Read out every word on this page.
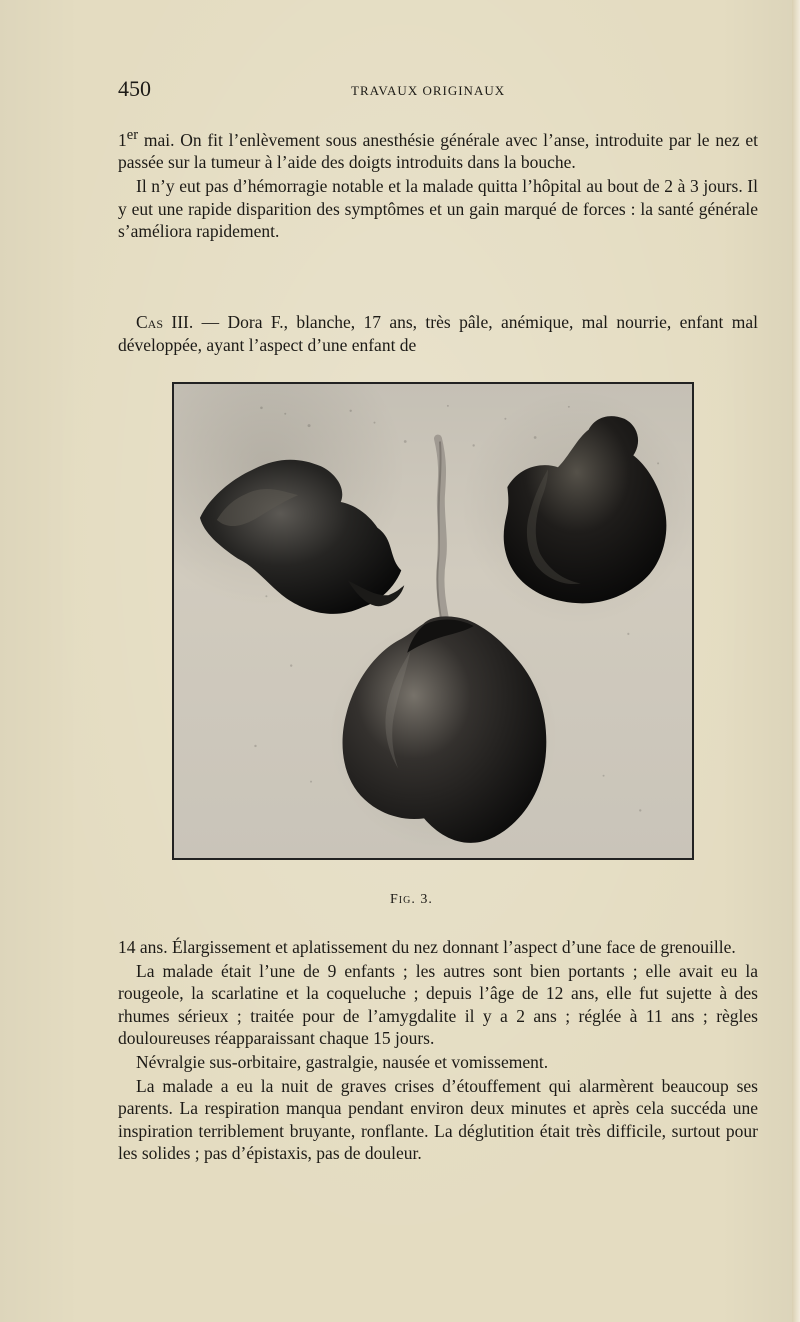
450	TRAVAUX ORIGINAUX

1er mai. On fit l’enlèvement sous anesthésie générale avec l’anse, introduite par le nez et passée sur la tumeur à l’aide des doigts introduits dans la bouche.

Il n’y eut pas d’hémorragie notable et la malade quitta l’hôpital au bout de 2 à 3 jours. Il y eut une rapide disparition des symptômes et un gain marqué de forces : la santé générale s’améliora rapidement.

Cas III. — Dora F., blanche, 17 ans, très pâle, anémique, mal nourrie, enfant mal développée, ayant l’aspect d’une enfant de

Fig. 3.

14 ans. Élargissement et aplatissement du nez donnant l’aspect d’une face de grenouille.

La malade était l’une de 9 enfants ; les autres sont bien portants ; elle avait eu la rougeole, la scarlatine et la coqueluche ; depuis l’âge de 12 ans, elle fut sujette à des rhumes sérieux ; traitée pour de l’amygdalite il y a 2 ans ; réglée à 11 ans ; règles douloureuses réapparaissant chaque 15 jours.

Névralgie sus-orbitaire, gastralgie, nausée et vomissement.

La malade a eu la nuit de graves crises d’étouffement qui alarmèrent beaucoup ses parents. La respiration manqua pendant environ deux minutes et après cela succéda une inspiration terriblement bruyante, ronflante. La déglutition était très difficile, surtout pour les solides ; pas d’épistaxis, pas de douleur.
